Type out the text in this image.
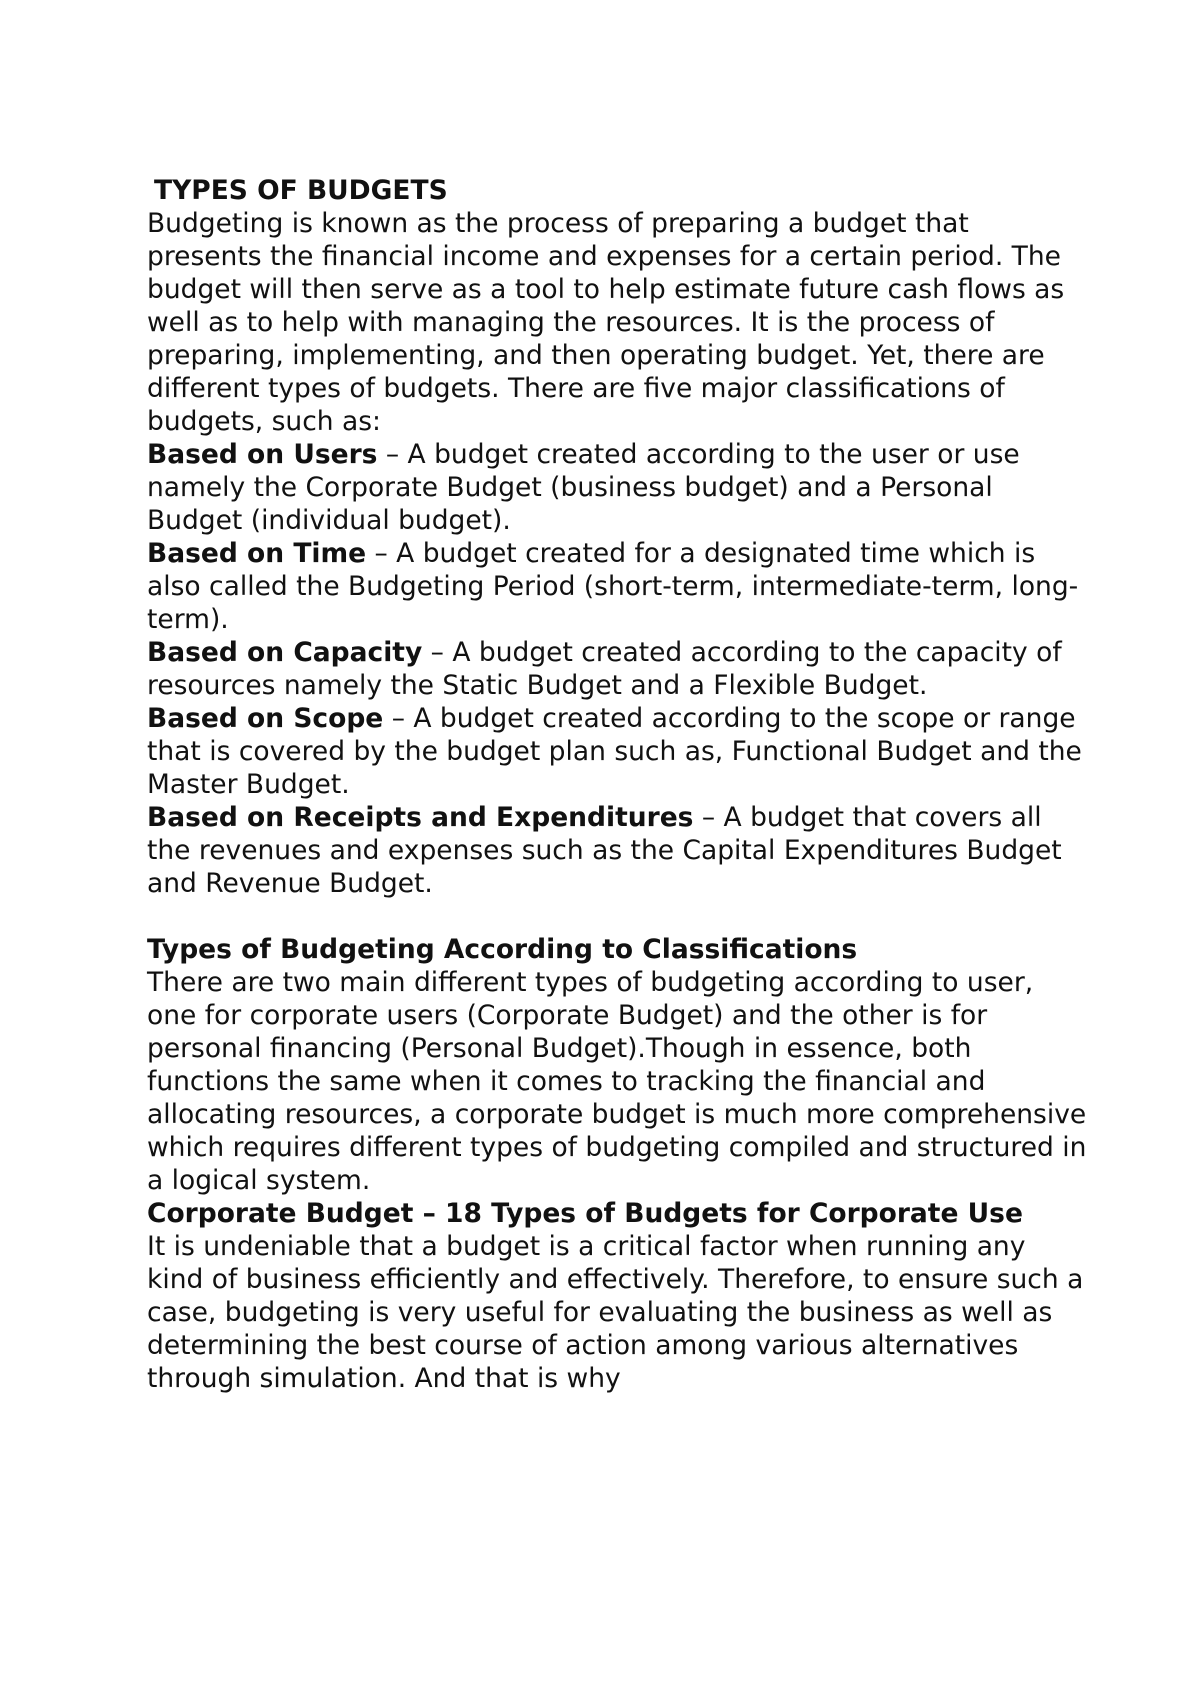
TYPES OF BUDGETS

Budgeting is known as the process of preparing a budget that presents the financial income and expenses for a certain period. The budget will then serve as a tool to help estimate future cash flows as well as to help with managing the resources. It is the process of preparing, implementing, and then operating budget. Yet, there are different types of budgets. There are five major classifications of budgets, such as:

Based on Users – A budget created according to the user or use namely the Corporate Budget (business budget) and a Personal Budget (individual budget).

Based on Time – A budget created for a designated time which is also called the Budgeting Period (short-term, intermediate-term, long-term).

Based on Capacity – A budget created according to the capacity of resources namely the Static Budget and a Flexible Budget.

Based on Scope – A budget created according to the scope or range that is covered by the budget plan such as, Functional Budget and the Master Budget.

Based on Receipts and Expenditures – A budget that covers all the revenues and expenses such as the Capital Expenditures Budget and Revenue Budget.

Types of Budgeting According to Classifications

There are two main different types of budgeting according to user, one for corporate users (Corporate Budget) and the other is for personal financing (Personal Budget).Though in essence, both functions the same when it comes to tracking the financial and allocating resources, a corporate budget is much more comprehensive which requires different types of budgeting compiled and structured in a logical system.

Corporate Budget – 18 Types of Budgets for Corporate Use

It is undeniable that a budget is a critical factor when running any kind of business efficiently and effectively. Therefore, to ensure such a case, budgeting is very useful for evaluating the business as well as determining the best course of action among various alternatives through simulation. And that is why
